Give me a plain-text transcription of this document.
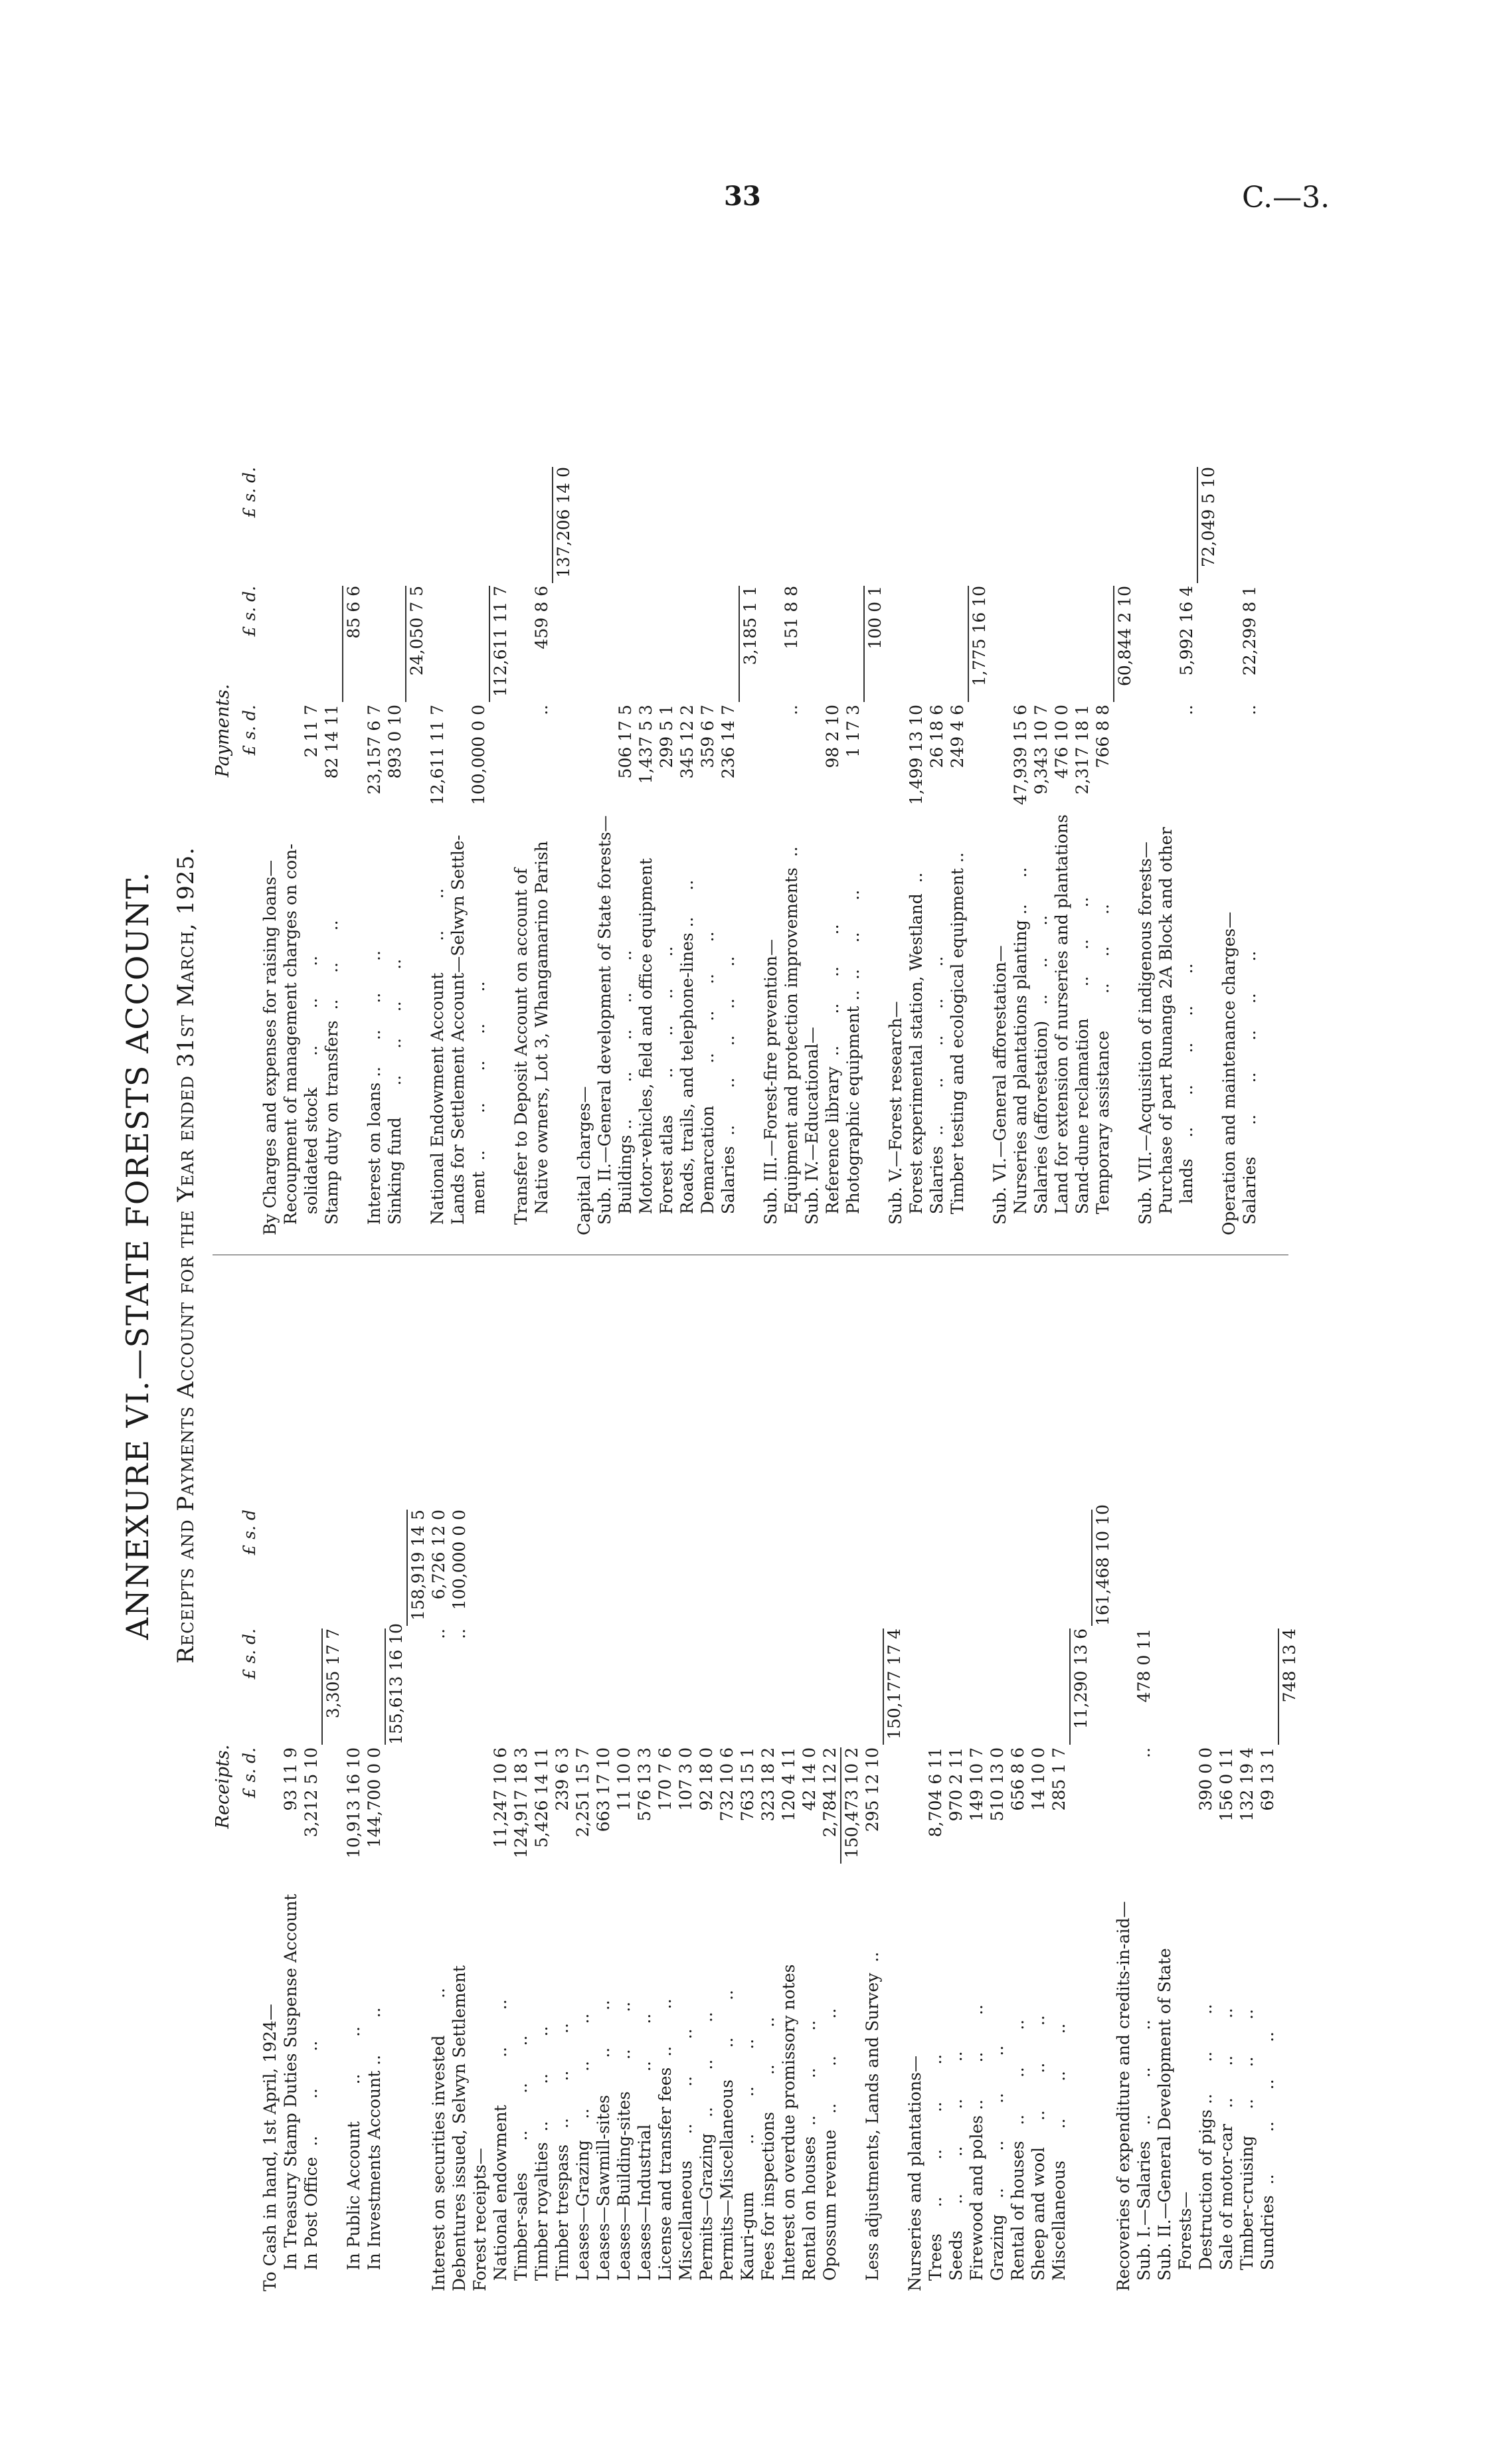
33	C.—3.
ANNEXURE VI.—STATE FORESTS ACCOUNT. Receipts and Payments Account for the Year ended 31st March, 1925.
Receipts. £ s. d.
£ s. d.
£ s. d
To Cash in hand, 1st April, 1924— In Treasury Stamp Duties Suspense Account
93 11 9
In Post Office  ..       ..       ..
3,212 5 10
3,305 17 7
In Public Account       ..       ..
10,913 16 10
In Investments Account ..       ..
144,700 0 0
155,613 16 10
158,919 14 5
Interest on securities invested       ..
..
6,726 12 0
Debentures issued, Selwyn Settlement
..
100,000 0 0
Forest receipts— National endowment         ..       ..
11,247 10 6
Timber-sales      ..       ..       ..
124,917 18 3
Timber royalties  ..       ..       ..
5,426 14 11
Timber trespass   ..       ..       ..
239 6 3
Leases—Grazing    ..       ..       ..
2,251 15 7
Leases—Sawmill-sites       ..       ..
663 17 10
Leases—Building-sites      ..       ..
11 10 0
Leases—Industrial          ..       ..
576 13 3
License and transfer fees  ..       ..
170 7 6
Miscellaneous     ..       ..       ..
107 3 0
Permits—Grazing   ..       ..       ..
92 18 0
Permits—Miscellaneous      ..       ..
732 10 6
Kauri-gum         ..       ..       ..
763 15 1
Fees for inspections       ..       ..
323 18 2
Interest on overdue promissory notes
120 4 11
Rental on houses  ..       ..       ..
42 14 0
Opossum revenue   ..       ..       ..
2,784 12 2 150,473 10 2
Less adjustments, Lands and Survey  ..
295 12 10
150,177 17 4
Nurseries and plantations— Trees     ..       ..       ..       ..
8,704 6 11
Seeds     ..       ..       ..       ..
970 2 11
Firewood and poles ..       ..       ..
149 10 7
Grazing   ..       ..       ..       ..
510 13 0
Rental of houses   ..       ..       ..
656 8 6
Sheep and wool     ..       ..       ..
14 10 0
Miscellaneous      ..       ..       ..
285 1 7
11,290 13 6
161,468 10 10
Recoveries of expenditure and credits-in-aid— Sub. I.—Salaries   ..       ..       ..
..
478 0 11
Sub. II.—General Development of State Forests— Destruction of pigs ..      ..       ..
390 0 0
Sale of motor-car   ..      ..       ..
156 0 11
Timber-cruising     ..      ..       ..
132 19 4
Sundries  ..        ..      ..       ..
69 13 1
748 13 4
Payments. £ s. d.
£ s. d.
£ s. d.
By Charges and expenses for raising loans— Recoupment of management charges on con- solidated stock      ..       ..      ..
2 11 7
Stamp duty on transfers  ..     ..      ..
82 14 11
85 6 6
Interest on loans ..     ..     ..      ..
23,157 6 7
Sinking fund      ..     ..     ..      ..
893 0 10
24,050 7 5
National Endowment Account      ..      ..
12,611 11 7
Lands for Settlement Account—Selwyn Settle- ment  ..       ..      ..     ..      ..
100,000 0 0
112,611 11 7
Transfer to Deposit Account on account of Native owners, Lot 3, Whangamarino Parish
..
459 8 6
137,206 14 0
Capital charges— Sub. II.—General development of State forests— Buildings ..       ..      ..     ..      ..
506 17 5
Motor-vehicles, field and office equipment
1,437 5 3
Forest atlas       ..      ..     ..      ..
299 5 1
Roads, trails, and telephone-lines ..     ..
345 12 2
Demarcation        ..      ..     ..      ..
359 6 7
Salaries  ..       ..      ..     ..      ..
236 14 7
3,185 1 1
Sub. III.—Forest-fire prevention— Equipment and protection improvements  ..
..
151 8 8
Sub. IV.—Educational— Reference library  ..      ..     ..      ..
98 2 10
Photographic equipment ..  ..     ..      ..
1 17 3
100 0 1
Sub. V.—Forest research— Forest experimental station, Westland  ..
1,499 13 10
Salaries  ..       ..      ..     ..      ..
26 18 6
Timber testing and ecological equipment ..
249 4 6
1,775 16 10
Sub. VI.—General afforestation— Nurseries and plantations planting ..     ..
47,939 15 6
Salaries (afforestation)   ..     ..      ..
9,343 10 7
Land for extension of nurseries and plantations
476 10 0
Sand-dune reclamation      ..     ..      ..
2,317 18 1
Temporary assistance       ..     ..      ..
766 8 8
60,844 2 10
Sub. VII.—Acquisition of indigenous forests— Purchase of part Runanga 2A Block and other lands    ..      ..      ..     ..      ..
..
5,992 16 4
72,049 5 10
Operation and maintenance charges— Salaries      ..      ..      ..     ..      ..
..
22,299 8 1
